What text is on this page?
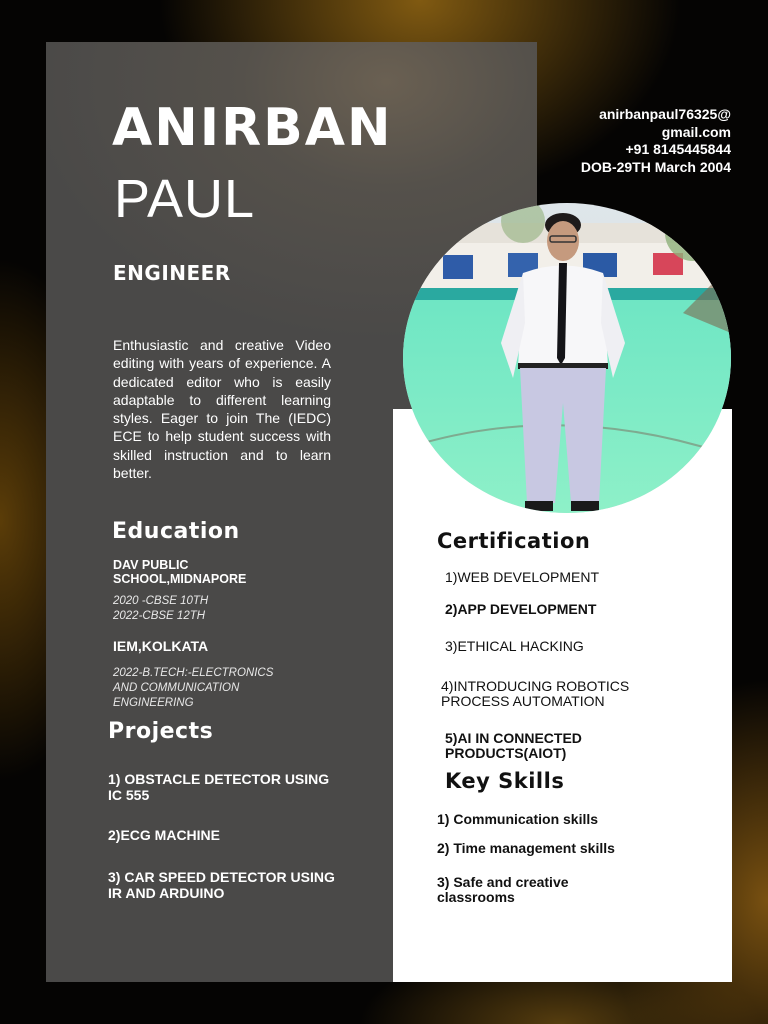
ANIRBAN
PAUL
ENGINEER
anirbanpaul76325@
gmail.com
+91 8145445844
DOB-29TH March 2004

Enthusiastic and creative Video editing with years of experience. A dedicated editor who is easily adaptable to different learning styles. Eager to join The (IEDC) ECE to help student success with skilled instruction and to learn better.

Education
DAV PUBLIC SCHOOL,MIDNAPORE
2020 -CBSE 10TH
2022-CBSE 12TH
IEM,KOLKATA
2022-B.TECH:-ELECTRONICS
AND COMMUNICATION
ENGINEERING
Projects
1) OBSTACLE DETECTOR USING IC 555
2)ECG MACHINE
3) CAR SPEED DETECTOR USING IR AND ARDUINO
Certification
1)WEB DEVELOPMENT
2)APP DEVELOPMENT
3)ETHICAL HACKING
4)INTRODUCING ROBOTICS PROCESS AUTOMATION
5)AI IN CONNECTED PRODUCTS(AIOT)
Key Skills
1) Communication skills
2) Time management skills
3) Safe and creative classrooms
